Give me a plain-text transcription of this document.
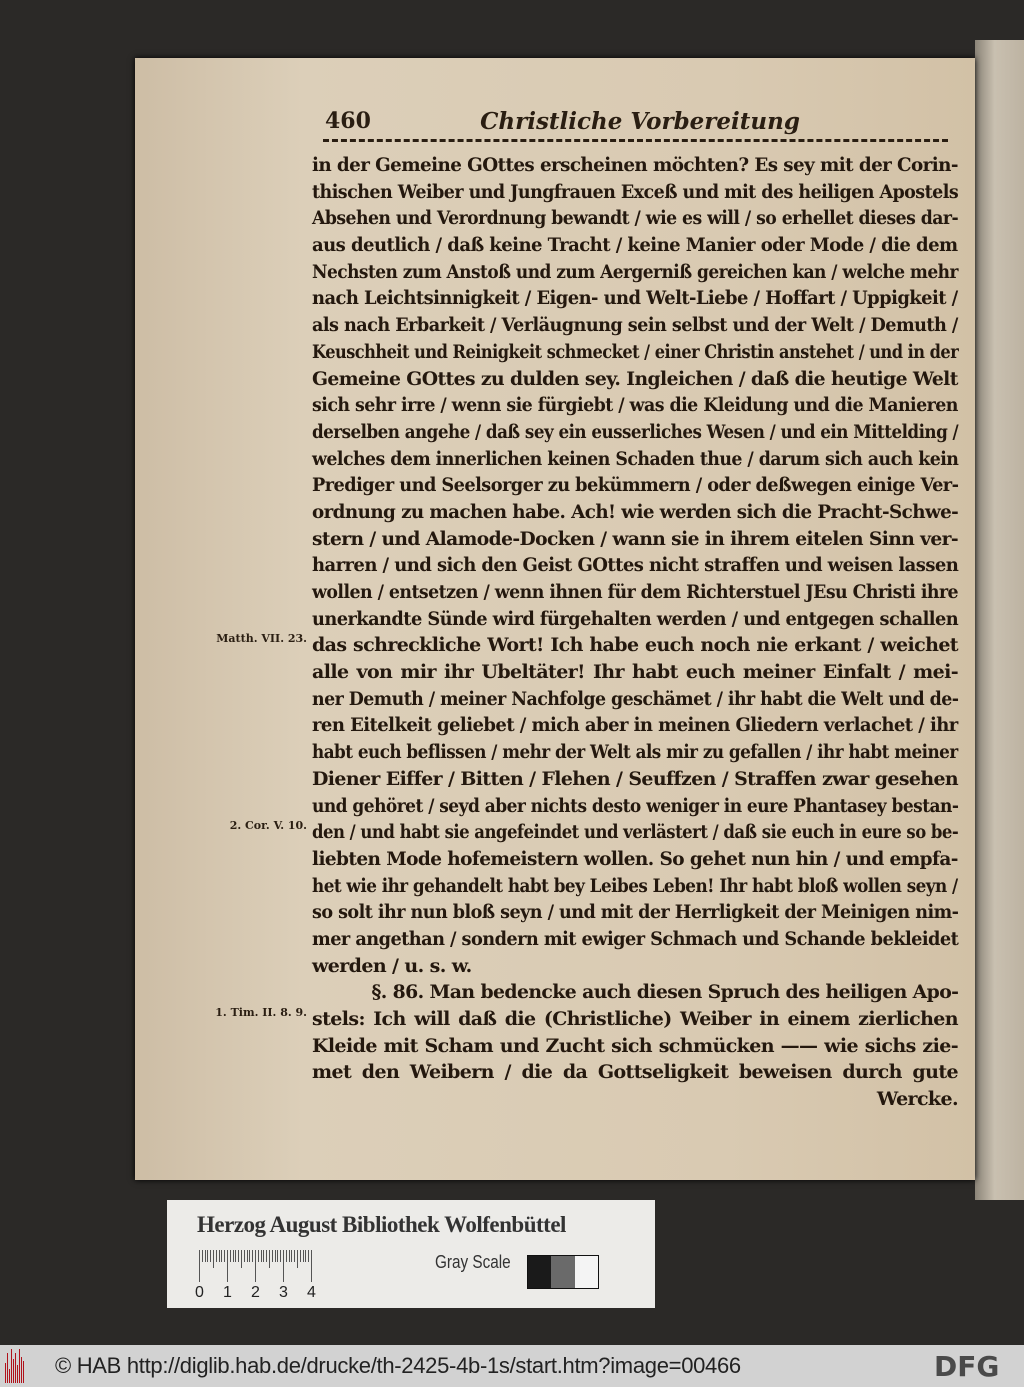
460	Christliche Vorbereitung
Matth. VII. 23.
2. Cor. V. 10.
1. Tim. II. 8. 9.
in der Gemeine GOttes erscheinen möchten? Es sey mit der Corin-
thischen Weiber und Jungfrauen Exceß und mit des heiligen Apostels
Absehen und Verordnung bewandt / wie es will / so erhellet dieses dar-
aus deutlich / daß keine Tracht / keine Manier oder Mode / die dem
Nechsten zum Anstoß und zum Aergerniß gereichen kan / welche mehr
nach Leichtsinnigkeit / Eigen- und Welt-Liebe / Hoffart / Uppigkeit /
als nach Erbarkeit / Verläugnung sein selbst und der Welt / Demuth /
Keuschheit und Reinigkeit schmecket / einer Christin anstehet / und in der
Gemeine GOttes zu dulden sey. Ingleichen / daß die heutige Welt
sich sehr irre / wenn sie fürgiebt / was die Kleidung und die Manieren
derselben angehe / daß sey ein eusserliches Wesen / und ein Mittelding /
welches dem innerlichen keinen Schaden thue / darum sich auch kein
Prediger und Seelsorger zu bekümmern / oder deßwegen einige Ver-
ordnung zu machen habe. Ach! wie werden sich die Pracht-Schwe-
stern / und Alamode-Docken / wann sie in ihrem eitelen Sinn ver-
harren / und sich den Geist GOttes nicht straffen und weisen lassen
wollen / entsetzen / wenn ihnen für dem Richterstuel JEsu Christi ihre
unerkandte Sünde wird fürgehalten werden / und entgegen schallen
das schreckliche Wort! Ich habe euch noch nie erkant / weichet
alle von mir ihr Ubeltäter! Ihr habt euch meiner Einfalt / mei-
ner Demuth / meiner Nachfolge geschämet / ihr habt die Welt und de-
ren Eitelkeit geliebet / mich aber in meinen Gliedern verlachet / ihr
habt euch beflissen / mehr der Welt als mir zu gefallen / ihr habt meiner
Diener Eiffer / Bitten / Flehen / Seuffzen / Straffen zwar gesehen
und gehöret / seyd aber nichts desto weniger in eure Phantasey bestan-
den / und habt sie angefeindet und verlästert / daß sie euch in eure so be-
liebten Mode hofemeistern wollen. So gehet nun hin / und empfa-
het wie ihr gehandelt habt bey Leibes Leben! Ihr habt bloß wollen seyn /
so solt ihr nun bloß seyn / und mit der Herrligkeit der Meinigen nim-
mer angethan / sondern mit ewiger Schmach und Schande bekleidet
werden / u. s. w.
§. 86. Man bedencke auch diesen Spruch des heiligen Apo-
stels: Ich will daß die (Christliche) Weiber in einem zierlichen
Kleide mit Scham und Zucht sich schmücken —— wie sichs zie-
met den Weibern / die da Gottseligkeit beweisen durch gute
Wercke.
Herzog August Bibliothek Wolfenbüttel
0 1 2 3 4
Gray Scale
© HAB http://diglib.hab.de/drucke/th-2425-4b-1s/start.htm?image=00466	DFG
